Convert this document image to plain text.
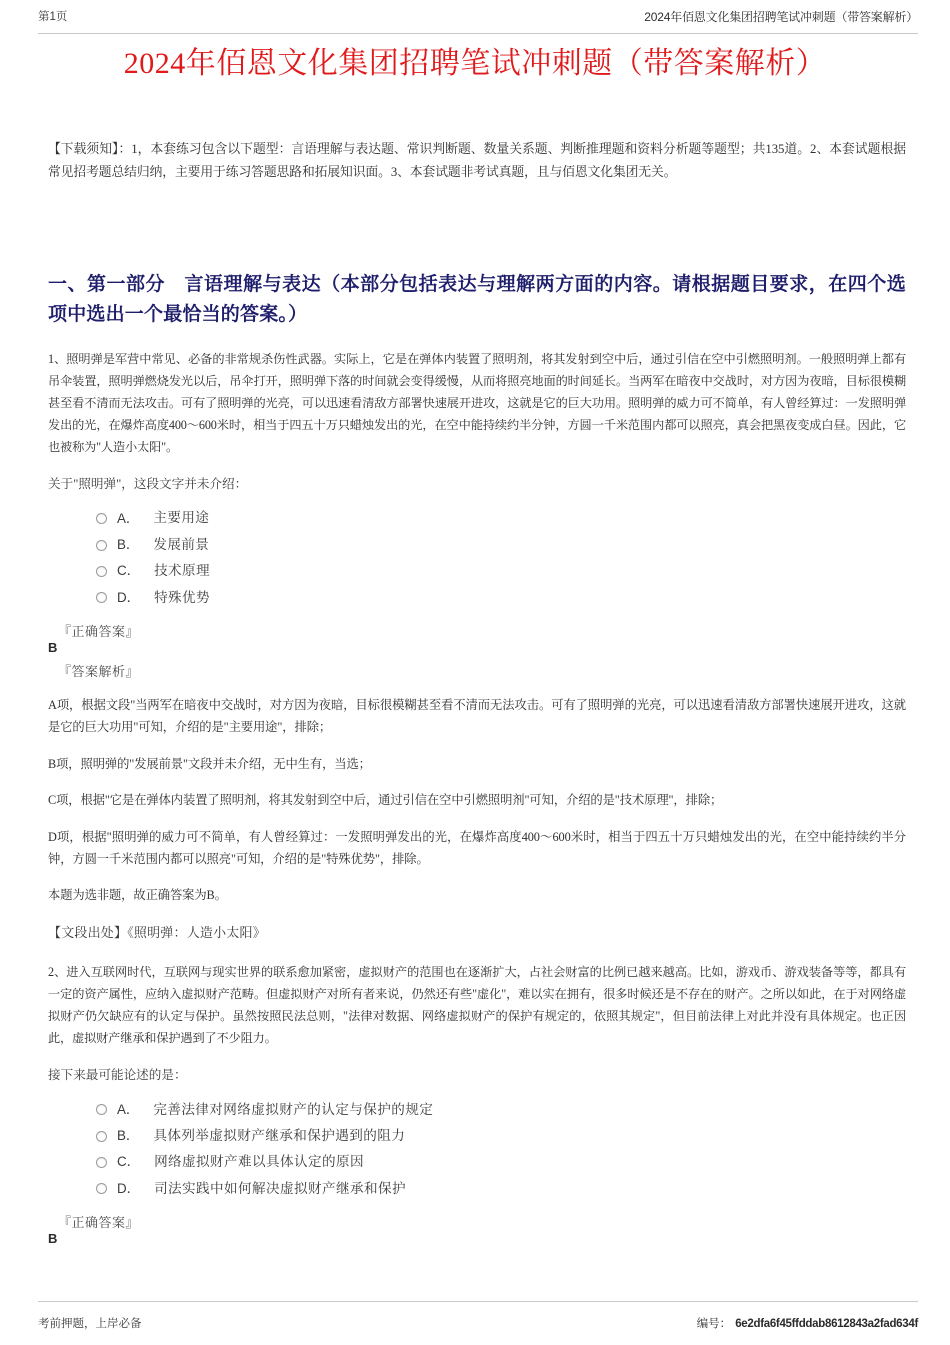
第1页	2024年佰恩文化集团招聘笔试冲刺题（带答案解析）
2024年佰恩文化集团招聘笔试冲刺题（带答案解析）

【下载须知】：1，本套练习包含以下题型：言语理解与表达题、常识判断题、数量关系题、判断推理题和资料分析题等题型；共135道。2、本套试题根据常见招考题总结归纳，主要用于练习答题思路和拓展知识面。3、本套试题非考试真题，且与佰恩文化集团无关。

一、第一部分　言语理解与表达（本部分包括表达与理解两方面的内容。请根据题目要求，在四个选项中选出一个最恰当的答案。）

1、照明弹是军营中常见、必备的非常规杀伤性武器。实际上，它是在弹体内装置了照明剂，将其发射到空中后，通过引信在空中引燃照明剂。一般照明弹上都有吊伞装置，照明弹燃烧发光以后，吊伞打开，照明弹下落的时间就会变得缓慢，从而将照亮地面的时间延长。当两军在暗夜中交战时，对方因为夜暗，目标很模糊甚至看不清而无法攻击。可有了照明弹的光亮，可以迅速看清敌方部署快速展开进攻，这就是它的巨大功用。照明弹的威力可不简单，有人曾经算过：一发照明弹发出的光，在爆炸高度400～600米时，相当于四五十万只蜡烛发出的光，在空中能持续约半分钟，方圆一千米范围内都可以照亮，真会把黑夜变成白昼。因此，它也被称为"人造小太阳"。

关于"照明弹"，这段文字并未介绍：

A． 主要用途
B． 发展前景
C． 技术原理
D． 特殊优势
『正确答案』
B
『答案解析』

A项，根据文段"当两军在暗夜中交战时，对方因为夜暗，目标很模糊甚至看不清而无法攻击。可有了照明弹的光亮，可以迅速看清敌方部署快速展开进攻，这就是它的巨大功用"可知，介绍的是"主要用途"，排除；

B项，照明弹的"发展前景"文段并未介绍，无中生有，当选；

C项，根据"它是在弹体内装置了照明剂，将其发射到空中后，通过引信在空中引燃照明剂"可知，介绍的是"技术原理"，排除；

D项，根据"照明弹的威力可不简单，有人曾经算过：一发照明弹发出的光，在爆炸高度400～600米时，相当于四五十万只蜡烛发出的光，在空中能持续约半分钟，方圆一千米范围内都可以照亮"可知，介绍的是"特殊优势"，排除。

本题为选非题，故正确答案为B。

【文段出处】《照明弹：人造小太阳》

2、进入互联网时代，互联网与现实世界的联系愈加紧密，虚拟财产的范围也在逐渐扩大，占社会财富的比例已越来越高。比如，游戏币、游戏装备等等，都具有一定的资产属性，应纳入虚拟财产范畴。但虚拟财产对所有者来说，仍然还有些"虚化"，难以实在拥有，很多时候还是不存在的财产。之所以如此，在于对网络虚拟财产仍欠缺应有的认定与保护。虽然按照民法总则，"法律对数据、网络虚拟财产的保护有规定的，依照其规定"，但目前法律上对此并没有具体规定。也正因此，虚拟财产继承和保护遇到了不少阻力。

接下来最可能论述的是：

A． 完善法律对网络虚拟财产的认定与保护的规定
B． 具体列举虚拟财产继承和保护遇到的阻力
C． 网络虚拟财产难以具体认定的原因
D． 司法实践中如何解决虚拟财产继承和保护
『正确答案』
B
考前押题，上岸必备	编号： 6e2dfa6f45ffddab8612843a2fad634f
